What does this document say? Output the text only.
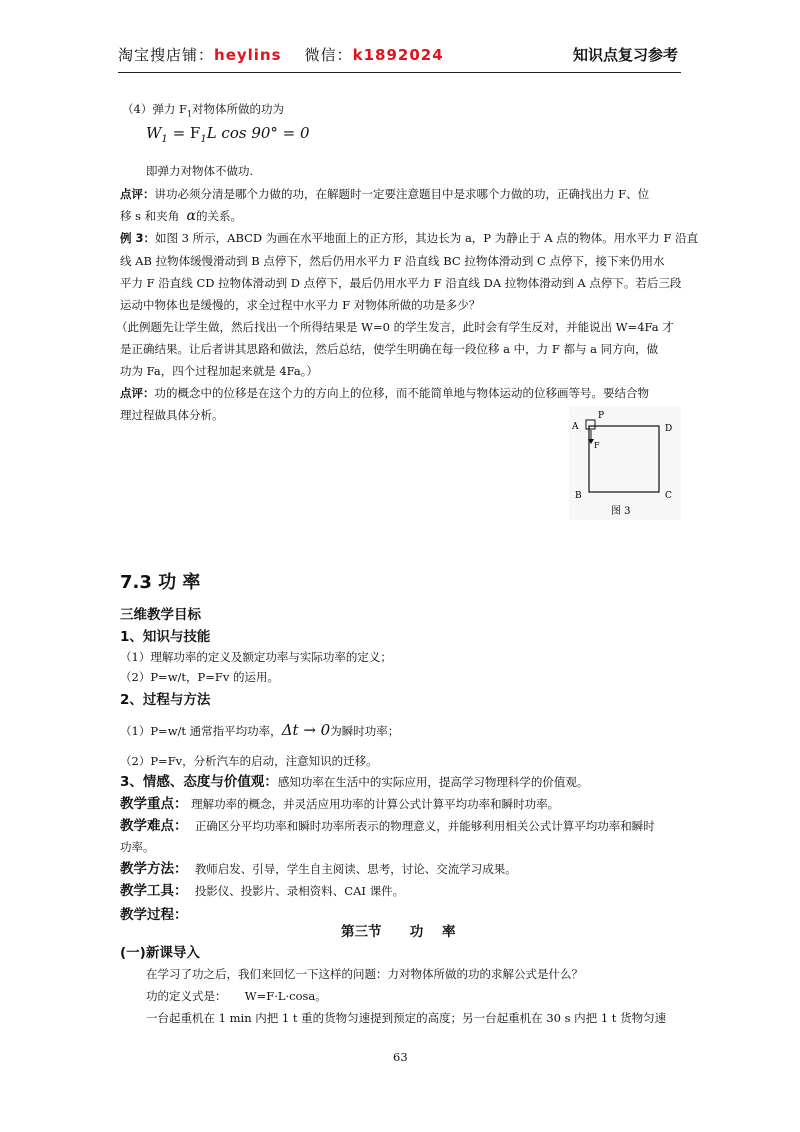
淘宝搜店铺：heylins 微信：k1892024	知识点复习参考
（4）弹力 $F_1$对物体所做的功为
$W_1 = F_1L$ cos 90° = 0
即弹力对物体不做功.
点评：讲功必须分清是哪个力做的功，在解题时一定要注意题目中是求哪个力做的功，正确找出力 F、位
移 s 和夹角 α的关系。
例 3：如图 3 所示，ABCD 为画在水平地面上的正方形，其边长为 a，P 为静止于 A 点的物体。用水平力 F 沿直
线 AB 拉物体缓慢滑动到 B 点停下，然后仍用水平力 F 沿直线 BC 拉物体滑动到 C 点停下，接下来仍用水
平力 F 沿直线 CD 拉物体滑动到 D 点停下，最后仍用水平力 F 沿直线 DA 拉物体滑动到 A 点停下。若后三段
运动中物体也是缓慢的，求全过程中水平力 F 对物体所做的功是多少？
（此例题先让学生做，然后找出一个所得结果是 W=0 的学生发言，此时会有学生反对，并能说出 W=4Fa 才
是正确结果。让后者讲其思路和做法，然后总结，使学生明确在每一段位移 a 中，力 F 都与 a 同方向，做
功为 Fa，四个过程加起来就是 4Fa。）
点评：功的概念中的位移是在这个力的方向上的位移，而不能简单地与物体运动的位移画等号。要结合物
理过程做具体分析。
A
P
F
D
B	C
图 3
7.3 功 率
三维教学目标
1、知识与技能
（1）理解功率的定义及额定功率与实际功率的定义；
（2）P=w/t，P=Fv 的运用。
2、过程与方法
（1）P=w/t 通常指平均功率，Δt → 0为瞬时功率；
（2）P=Fv，分析汽车的启动，注意知识的迁移。
3、情感、态度与价值观：感知功率在生活中的实际应用，提高学习物理科学的价值观。
教学重点： 理解功率的概念，并灵活应用功率的计算公式计算平均功率和瞬时功率。
教学难点： 正确区分平均功率和瞬时功率所表示的物理意义，并能够利用相关公式计算平均功率和瞬时
功率。
教学方法： 教师启发、引导，学生自主阅读、思考，讨论、交流学习成果。
教学工具： 投影仪、投影片、录相资料、CAI 课件。
教学过程：
第三节      功    率
(一)新课导入
在学习了功之后，我们来回忆一下这样的问题：力对物体所做的功的求解公式是什么？
功的定义式是：     W=F·L·cosa。
一台起重机在 1 min 内把 1 t 重的货物匀速提到预定的高度；另一台起重机在 30 s 内把 1 t 货物匀速
63
